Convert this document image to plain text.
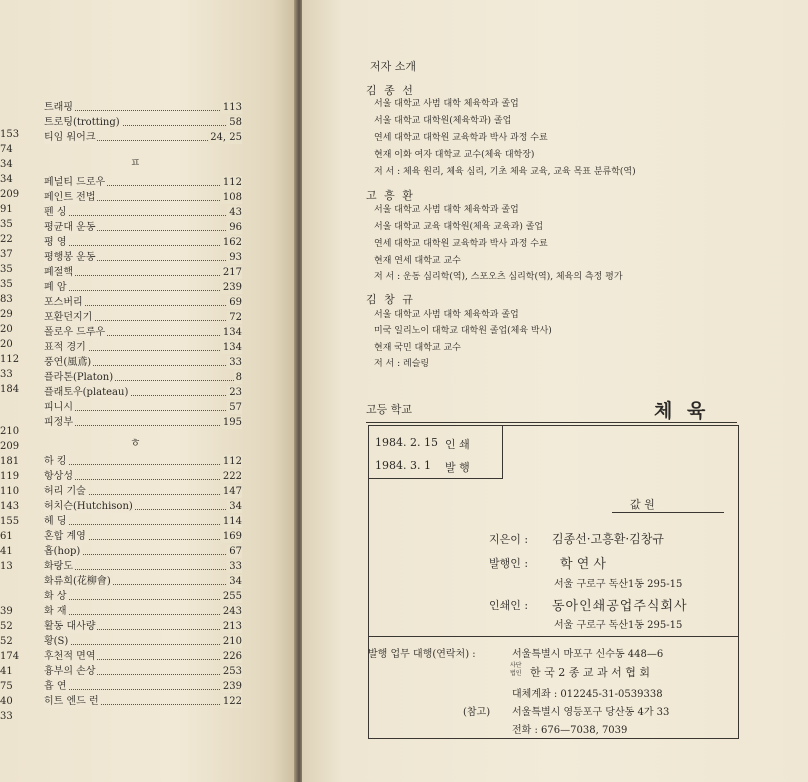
153
74
34
34
209
91
35
22
37
35
35
83
29
20
20
112
33
184
210
209
181
119
110
143
155
61
41
13
39
52
52
174
41
75
40
33
트래핑	113
트로팅(trotting)	58
티임 워어크	24, 25
페널티 드로우	112
페인트 전법	108
펜 싱	43
평균대 운동	96
평 영	162
평행봉 운동	93
폐절핵	217
폐 암	239
포스버리	69
포환던지기	72
폴로우 드루우	134
표적 경기	134
풍연(風鳶)	33
플라톤(Platon)	8
플래토우(plateau)	23
피니시	57
피정부	195
하 킹	112
항상성	222
허리 기술	147
허치슨(Hutchison)	34
헤 딩	114
혼합 계영	169
홉(hop)	67
화랑도	33
화류희(花柳會)	34
화 상	255
화 재	243
활동 대사량	213
황(S)	210
후천적 면역	226
흉부의 손상	253
흡 연	239
히트 엔드 런	122
ㅍ
ㅎ
저자 소개
김 종 선
서울 대학교 사범 대학 체육학과 졸업
서울 대학교 대학원(체육학과) 졸업
연세 대학교 대학원 교육학과 박사 과정 수료
현재 이화 여자 대학교 교수(체육 대학장)
저 서 : 체육 원리, 체육 심리, 기초 체육 교육, 교육 목표 분류학(역)
고 흥 환
서울 대학교 사범 대학 체육학과 졸업
서울 대학교 교육 대학원(체육 교육과) 졸업
연세 대학교 대학원 교육학과 박사 과정 수료
현재 연세 대학교 교수
저 서 : 운동 심리학(역), 스포오츠 심리학(역), 체육의 측정 평가
김 창 규
서울 대학교 사범 대학 체육학과 졸업
미국 일리노이 대학교 대학원 졸업(체육 박사)
현재 국민 대학교 교수
저 서 : 레슬링
고등 학교	체 육
1984. 2. 15 인 쇄
1984. 3. 1 발 행
값 원
지은이 : 김종선·고흥환·김창규
발행인 : 학 연 사
서울 구로구 독산1동 295-15
인쇄인 : 동아인쇄공업주식회사
서울 구로구 독산1동 295-15
발행 업무 대행(연락처) :	서울특별시 마포구 신수동 448—6
사단
법인 한 국 2 종 교 과 서 협 회
대체계좌 : 012245-31-0539338
(참고) 서울특별시 영등포구 당산동 4가 33
전화 : 676—7038, 7039
